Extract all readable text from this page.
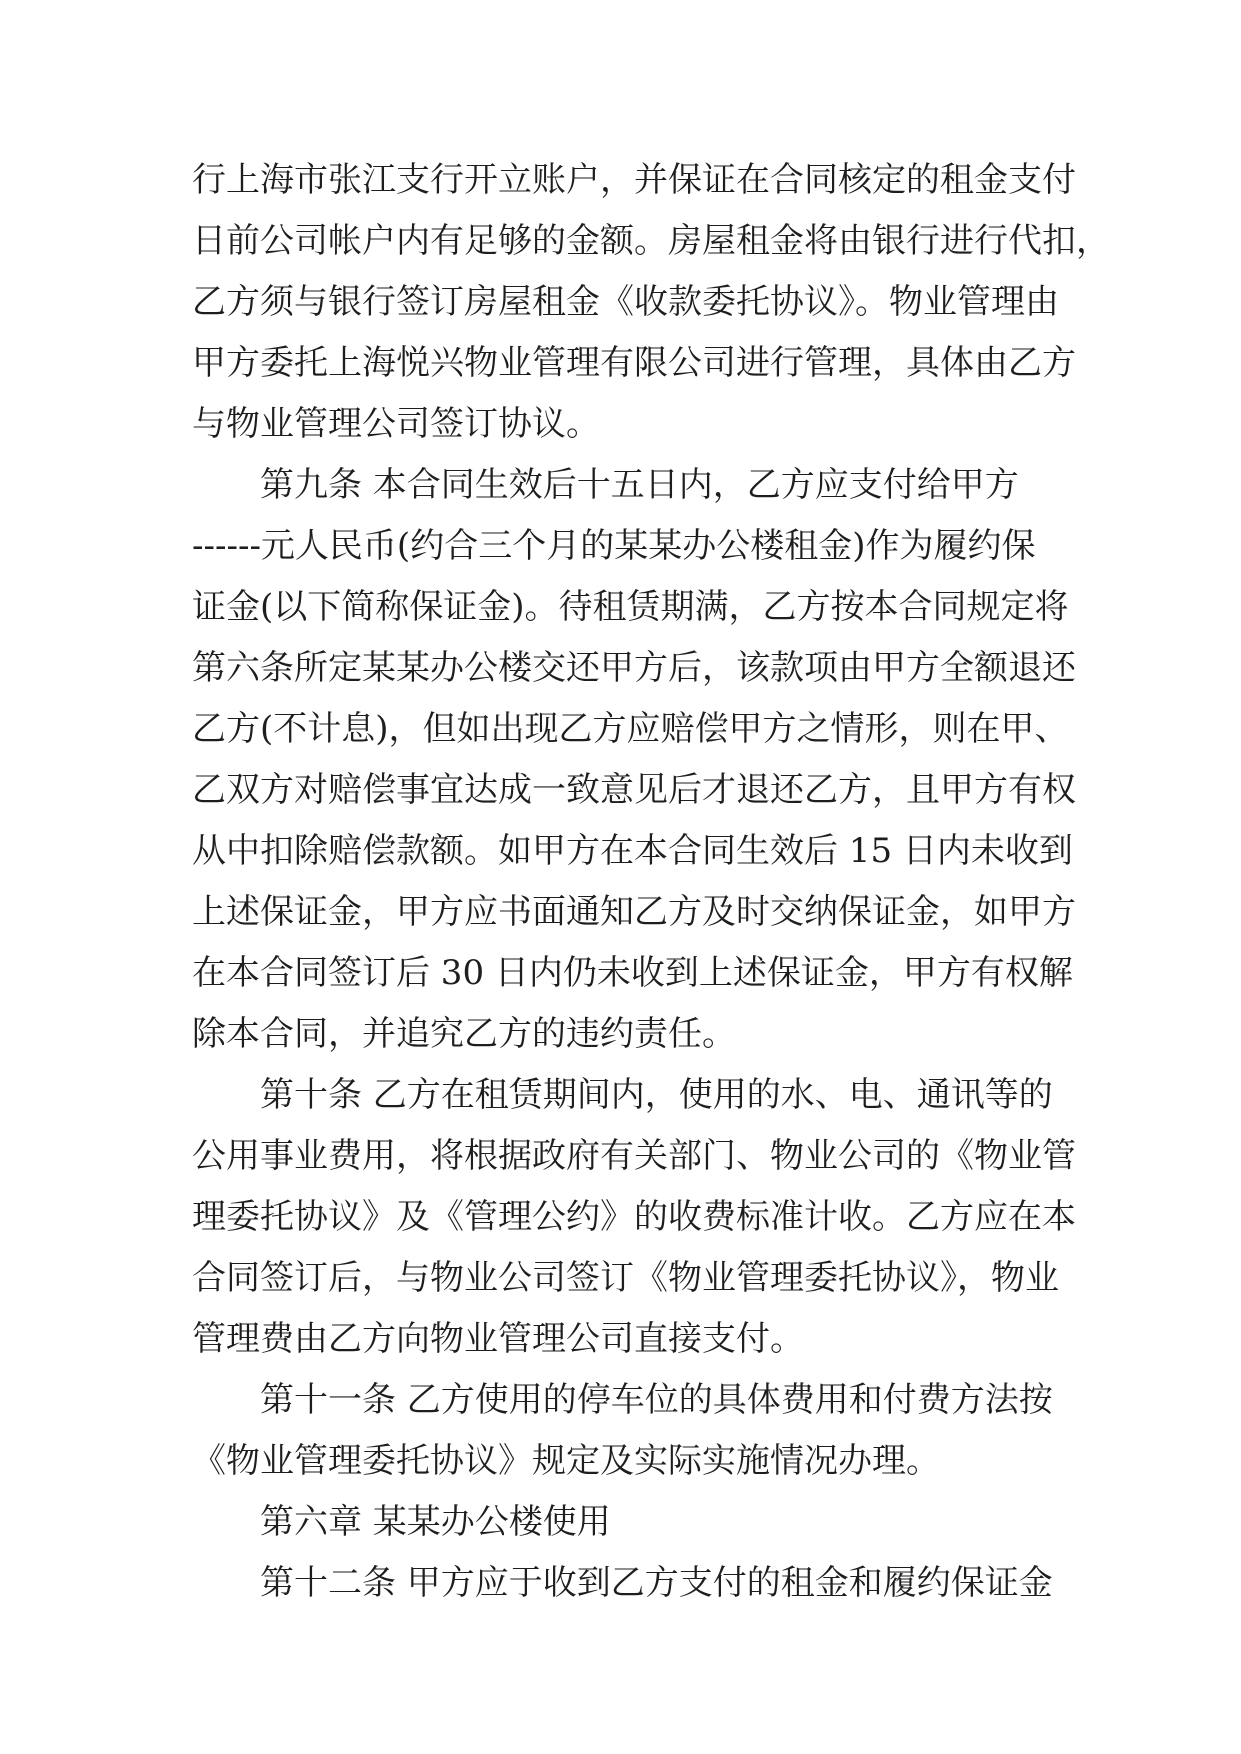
行上海市张江支行开立账户，并保证在合同核定的租金支付
日前公司帐户内有足够的金额。房屋租金将由银行进行代扣，
乙方须与银行签订房屋租金《收款委托协议》。物业管理由
甲方委托上海悦兴物业管理有限公司进行管理，具体由乙方
与物业管理公司签订协议。
第九条 本合同生效后十五日内，乙方应支付给甲方
------元人民币(约合三个月的某某办公楼租金)作为履约保
证金(以下简称保证金)。待租赁期满，乙方按本合同规定将
第六条所定某某办公楼交还甲方后，该款项由甲方全额退还
乙方(不计息)，但如出现乙方应赔偿甲方之情形，则在甲、
乙双方对赔偿事宜达成一致意见后才退还乙方，且甲方有权
从中扣除赔偿款额。如甲方在本合同生效后 15 日内未收到
上述保证金，甲方应书面通知乙方及时交纳保证金，如甲方
在本合同签订后 30 日内仍未收到上述保证金，甲方有权解
除本合同，并追究乙方的违约责任。
第十条 乙方在租赁期间内，使用的水、电、通讯等的
公用事业费用，将根据政府有关部门、物业公司的《物业管
理委托协议》及《管理公约》的收费标准计收。乙方应在本
合同签订后，与物业公司签订《物业管理委托协议》，物业
管理费由乙方向物业管理公司直接支付。
第十一条 乙方使用的停车位的具体费用和付费方法按
《物业管理委托协议》规定及实际实施情况办理。
第六章 某某办公楼使用
第十二条 甲方应于收到乙方支付的租金和履约保证金
